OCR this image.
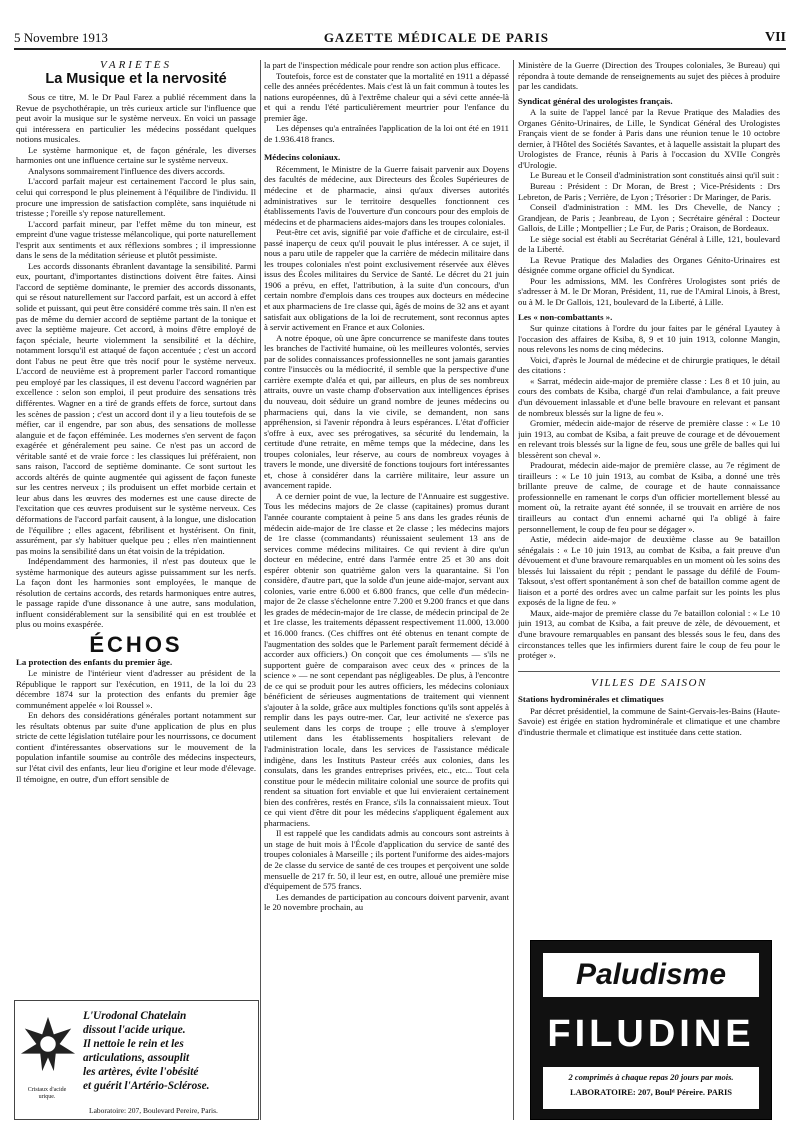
5 Novembre 1913	GAZETTE MÉDICALE DE PARIS	VII
VARIÉTÉS
La Musique et la nervosité

Sous ce titre, M. le Dr Paul Farez a publié récemment dans la Revue de psychothérapie, un très curieux article sur l'influence que peut avoir la musique sur le système nerveux. En voici un passage qui intéressera en particulier les médecins possédant quelques notions musicales.

Le système harmonique et, de façon générale, les diverses harmonies ont une influence certaine sur le système nerveux.

Analysons sommairement l'influence des divers accords.

L'accord parfait majeur est certainement l'accord le plus sain, celui qui correspond le plus pleinement à l'équilibre de l'individu. Il procure une impression de satisfaction complète, sans inquiétude ni tristesse ; l'oreille s'y repose naturellement.

L'accord parfait mineur, par l'effet même du ton mineur, est empreint d'une vague tristesse mélancolique, qui porte naturellement l'esprit aux sentiments et aux réflexions sombres ; il impressionne dans le sens de la méditation sérieuse et plutôt pessimiste.

Les accords dissonants ébranlent davantage la sensibilité. Parmi eux, pourtant, d'importantes distinctions doivent être faites. Ainsi l'accord de septième dominante, le premier des accords dissonants, qui se résout naturellement sur l'accord parfait, est un accord à effet solide et puissant, qui peut être considéré comme très sain. Il n'en est pas de même du dernier accord de septième partant de la tonique et avec la septième majeure. Cet accord, à moins d'être employé de façon spéciale, heurte violemment la sensibilité et la déchire, notamment lorsqu'il est attaqué de façon accentuée ; c'est un accord dont l'abus ne peut être que très nocif pour le système nerveux. L'accord de neuvième est à proprement parler l'accord romantique peu employé par les classiques, il est devenu l'accord wagnérien par excellence : selon son emploi, il peut produire des sensations très différentes. Wagner en a tiré de grands effets de force, surtout dans les scènes de passion ; c'est un accord dont il y a lieu toutefois de se méfier, car il engendre, par son abus, des sensations de mollesse alanguie et de façon efféminée. Les modernes s'en servent de façon exagérée et généralement peu saine. Ce n'est pas un accord de véritable santé et de vraie force : les classiques lui préféraient, non sans raison, l'accord de septième dominante. Ce sont surtout les accords altérés de quinte augmentée qui agissent de façon funeste sur les centres nerveux ; ils produisent un effet morbide certain et leur abus dans les œuvres des modernes est une cause directe de l'excitation que ces œuvres produisent sur le système nerveux. Ces déformations de l'accord parfait causent, à la longue, une dislocation de l'équilibre ; elles agacent, fébrilisent et hystérisent. On finit, assurément, par s'y habituer quelque peu ; elles n'en maintiennent pas moins la sensibilité dans un état voisin de la trépidation.

Indépendamment des harmonies, il n'est pas douteux que le système harmonique des auteurs agisse puissamment sur les nerfs. La façon dont les harmonies sont employées, le manque de résolution de certains accords, des retards harmoniques entre autres, le passage rapide d'une dissonance à une autre, sans modulation, influent considérablement sur la sensibilité qui en est troublée et plus ou moins exaspérée.

ÉCHOS
La protection des enfants du premier âge.

Le ministre de l'intérieur vient d'adresser au président de la République le rapport sur l'exécution, en 1911, de la loi du 23 décembre 1874 sur la protection des enfants du premier âge communément appelée « loi Roussel ».

En dehors des considérations générales portant notamment sur les résultats obtenus par suite d'une application de plus en plus stricte de cette législation tutélaire pour les nourrissons, ce document contient d'intéressantes observations sur le mouvement de la population infantile soumise au contrôle des médecins inspecteurs, sur l'état civil des enfants, leur lieu d'origine et leur mode d'élevage. Il témoigne, en outre, d'un effort sensible de

Cristaux d'acide urique.
L'Urodonal Chatelain
dissout l'acide urique.
Il nettoie le rein et les
articulations, assouplit
les artères, évite l'obésité
et guérit l'Artério-Sclérose.
Laboratoire: 207, Boulevard Pereire, Paris.

la part de l'inspection médicale pour rendre son action plus efficace.

Toutefois, force est de constater que la mortalité en 1911 a dépassé celle des années précédentes. Mais c'est là un fait commun à toutes les nations européennes, dû à l'extrême chaleur qui a sévi cette année-là et qui a rendu l'été particulièrement meurtrier pour l'enfance du premier âge.

Les dépenses qu'a entraînées l'application de la loi ont été en 1911 de 1.936.418 francs.

Médecins coloniaux.

Récemment, le Ministre de la Guerre faisait parvenir aux Doyens des facultés de médecine, aux Directeurs des Écoles Supérieures de médecine et de pharmacie, ainsi qu'aux diverses autorités administratives sur le territoire desquelles fonctionnent ces établissements l'avis de l'ouverture d'un concours pour des emplois de médecins et de pharmaciens aides-majors dans les troupes coloniales.

Peut-être cet avis, signifié par voie d'affiche et de circulaire, est-il passé inaperçu de ceux qu'il pouvait le plus intéresser. A ce sujet, il nous a paru utile de rappeler que la carrière de médecin militaire dans les troupes coloniales n'est point exclusivement réservée aux élèves issus des Écoles militaires du Service de Santé. Le décret du 21 juin 1906 a prévu, en effet, l'attribution, à la suite d'un concours, d'un certain nombre d'emplois dans ces troupes aux docteurs en médecine et aux pharmaciens de 1re classe qui, âgés de moins de 32 ans et ayant satisfait aux obligations de la loi de recrutement, sont reconnus aptes à servir activement en France et aux Colonies.

A notre époque, où une âpre concurrence se manifeste dans toutes les branches de l'activité humaine, où les meilleures volontés, servies par de solides connaissances professionnelles ne sont jamais garanties contre l'insuccès ou la médiocrité, il semble que la perspective d'une carrière exempte d'aléa et qui, par ailleurs, en plus de ses nombreux attraits, ouvre un vaste champ d'observation aux intelligences éprises du nouveau, doit séduire un grand nombre de jeunes médecins ou pharmaciens qui, dans la vie civile, se demandent, non sans appréhension, si l'avenir répondra à leurs espérances. L'état d'officier s'offre à eux, avec ses prérogatives, sa sécurité du lendemain, la certitude d'une retraite, en même temps que la médecine, dans les troupes coloniales, leur réserve, au cours de nombreux voyages à travers le monde, une diversité de fonctions toujours fort intéressantes et, chose à considérer dans la carrière militaire, leur assure un avancement rapide.

A ce dernier point de vue, la lecture de l'Annuaire est suggestive. Tous les médecins majors de 2e classe (capitaines) promus durant l'année courante comptaient à peine 5 ans dans les grades réunis de médecin aide-major de 1re classe et 2e classe ; les médecins majors de 1re classe (commandants) réunissaient seulement 13 ans de services comme médecins militaires. Ce qui revient à dire qu'un docteur en médecine, entré dans l'armée entre 25 et 30 ans doit espérer obtenir son quatrième galon vers la quarantaine. Si l'on considère, d'autre part, que la solde d'un jeune aide-major, servant aux colonies, varie entre 6.000 et 6.800 francs, que celle d'un médecin-major de 2e classe s'échelonne entre 7.200 et 9.200 francs et que dans les grades de médecin-major de 1re classe, de médecin principal de 2e et 1re classe, les traitements dépassent respectivement 11.000, 13.000 et 16.000 francs. (Ces chiffres ont été obtenus en tenant compte de l'augmentation des soldes que le Parlement paraît fermement décidé à accorder aux officiers.) On conçoit que ces émoluments — s'ils ne supportent guère de comparaison avec ceux des « princes de la science » — ne sont cependant pas négligeables. De plus, à l'encontre de ce qui se produit pour les autres officiers, les médecins coloniaux bénéficient de sérieuses augmentations de traitement qui viennent s'ajouter à la solde, grâce aux multiples fonctions qu'ils sont appelés à remplir dans les pays outre-mer. Car, leur activité ne s'exerce pas seulement dans les corps de troupe ; elle trouve à s'employer utilement dans les établissements hospitaliers relevant de l'administration locale, dans les services de l'assistance médicale indigène, dans les Instituts Pasteur créés aux colonies, dans les consulats, dans les grandes entreprises privées, etc., etc... Tout cela constitue pour le médecin militaire colonial une source de profits qui rendent sa situation fort enviable et que lui envieraient certainement bien des confrères, restés en France, s'ils la connaissaient mieux. Tout ce qui vient d'être dit pour les médecins s'appliquent également aux pharmaciens.

Il est rappelé que les candidats admis au concours sont astreints à un stage de huit mois à l'École d'application du service de santé des troupes coloniales à Marseille ; ils portent l'uniforme des aides-majors de 2e classe du service de santé de ces troupes et perçoivent une solde mensuelle de 217 fr. 50, il leur est, en outre, alloué une première mise d'équipement de 575 francs.

Les demandes de participation au concours doivent parvenir, avant le 20 novembre prochain, au

Ministère de la Guerre (Direction des Troupes coloniales, 3e Bureau) qui répondra à toute demande de renseignements au sujet des pièces à produire par les candidats.

Syndicat général des urologistes français.

A la suite de l'appel lancé par la Revue Pratique des Maladies des Organes Génito-Urinaires, de Lille, le Syndicat Général des Urologistes Français vient de se fonder à Paris dans une réunion tenue le 10 octobre dernier, à l'Hôtel des Sociétés Savantes, et à laquelle assistait la plupart des Urologistes de France, réunis à Paris à l'occasion du XVIIe Congrès d'Urologie.

Le Bureau et le Conseil d'administration sont constitués ainsi qu'il suit :

Bureau : Président : Dr Moran, de Brest ; Vice-Présidents : Drs Lebreton, de Paris ; Verrière, de Lyon ; Trésorier : Dr Maringer, de Paris.

Conseil d'administration : MM. les Drs Chevelle, de Nancy ; Grandjean, de Paris ; Jeanbreau, de Lyon ; Secrétaire général : Docteur Gallois, de Lille ; Montpellier ; Le Fur, de Paris ; Oraison, de Bordeaux.

Le siège social est établi au Secrétariat Général à Lille, 121, boulevard de la Liberté.

La Revue Pratique des Maladies des Organes Génito-Urinaires est désignée comme organe officiel du Syndicat.

Pour les admissions, MM. les Confrères Urologistes sont priés de s'adresser à M. le Dr Moran, Président, 11, rue de l'Amiral Linois, à Brest, ou à M. le Dr Gallois, 121, boulevard de la Liberté, à Lille.

Les « non-combattants ».

Sur quinze citations à l'ordre du jour faites par le général Lyautey à l'occasion des affaires de Ksiba, 8, 9 et 10 juin 1913, colonne Mangin, nous relevons les noms de cinq médecins.

Voici, d'après le Journal de médecine et de chirurgie pratiques, le détail des citations :

« Sarrat, médecin aide-major de première classe : Les 8 et 10 juin, au cours des combats de Ksiba, chargé d'un relai d'ambulance, a fait preuve d'un dévouement inlassable et d'une belle bravoure en relevant et pansant de nombreux blessés sur la ligne de feu ».

Gromier, médecin aide-major de réserve de première classe : « Le 10 juin 1913, au combat de Ksiba, a fait preuve de courage et de dévouement en relevant trois blessés sur la ligne de feu, sous une grêle de balles qui lui blessèrent son cheval ».

Pradourat, médecin aide-major de première classe, au 7e régiment de tirailleurs : « Le 10 juin 1913, au combat de Ksiba, a donné une très brillante preuve de calme, de courage et de haute connaissance professionnelle en ramenant le corps d'un officier mortellement blessé au moment où, la retraite ayant été sonnée, il se trouvait en arrière de nos tirailleurs au contact d'un ennemi acharné qui l'a obligé à faire personnellement, le coup de feu pour se dégager ».

Astie, médecin aide-major de deuxième classe au 9e bataillon sénégalais : « Le 10 juin 1913, au combat de Ksiba, a fait preuve d'un dévouement et d'une bravoure remarquables en un moment où les soins des blessés lui laissaient du répit ; pendant le passage du défilé de Foum-Taksout, s'est offert spontanément à son chef de bataillon comme agent de liaison et a porté des ordres avec un calme parfait sur les points les plus exposés de la ligne de feu. »

Maux, aide-major de première classe du 7e bataillon colonial : « Le 10 juin 1913, au combat de Ksiba, a fait preuve de zèle, de dévouement, et d'une bravoure remarquables en pansant des blessés sous le feu, dans des circonstances telles que les infirmiers durent faire le coup de feu pour le protéger ».

VILLES DE SAISON
Stations hydrominérales et climatiques

Par décret présidentiel, la commune de Saint-Gervais-les-Bains (Haute-Savoie) est érigée en station hydrominérale et climatique et une chambre d'industrie thermale et climatique est instituée dans cette station.

Paludisme
FILUDINE
2 comprimés à chaque repas 20 jours par mois.
LABORATOIRE: 207, Boulᵈ Péreire. PARIS
